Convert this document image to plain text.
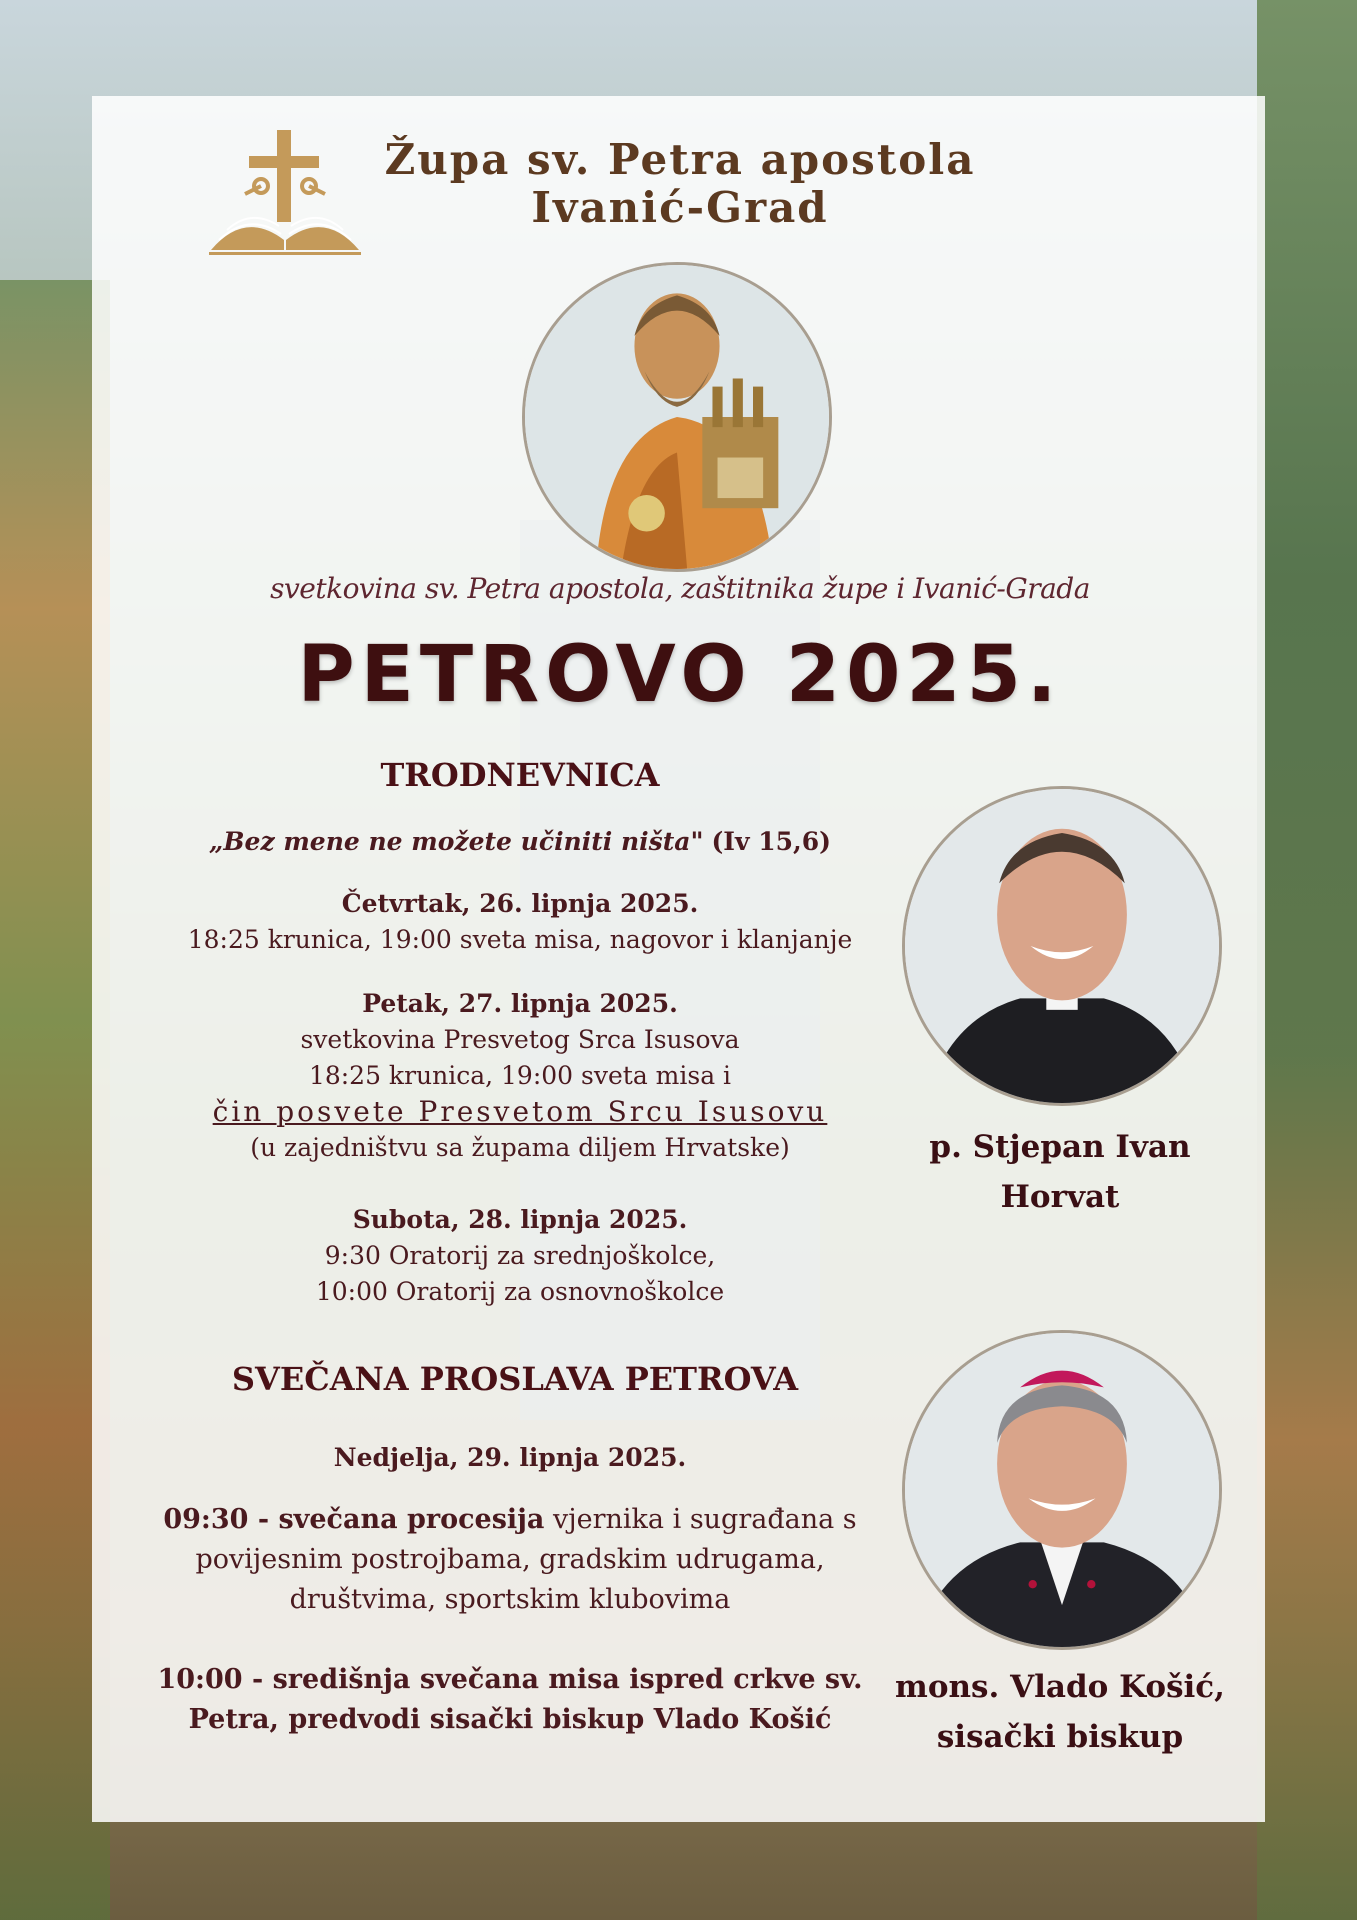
Župa sv. Petra apostola
Ivanić-Grad
svetkovina sv. Petra apostola, zaštitnika župe i Ivanić-Grada
PETROVO 2025.
TRODNEVNICA
„Bez mene ne možete učiniti ništa" (Iv 15,6)
Četvrtak, 26. lipnja 2025.
18:25 krunica, 19:00 sveta misa, nagovor i klanjanje
Petak, 27. lipnja 2025.
svetkovina Presvetog Srca Isusova
18:25 krunica, 19:00 sveta misa i
čin posvete Presvetom Srcu Isusovu
(u zajedništvu sa župama diljem Hrvatske)
Subota, 28. lipnja 2025.
9:30 Oratorij za srednjoškolce,
10:00 Oratorij za osnovnoškolce
SVEČANA PROSLAVA PETROVA
Nedjelja, 29. lipnja 2025.
09:30 - svečana procesija vjernika i sugrađana s
povijesnim postrojbama, gradskim udrugama,
društvima, sportskim klubovima
10:00 - središnja svečana misa ispred crkve sv.
Petra, predvodi sisački biskup Vlado Košić
p. Stjepan Ivan
Horvat
mons. Vlado Košić,
sisački biskup
